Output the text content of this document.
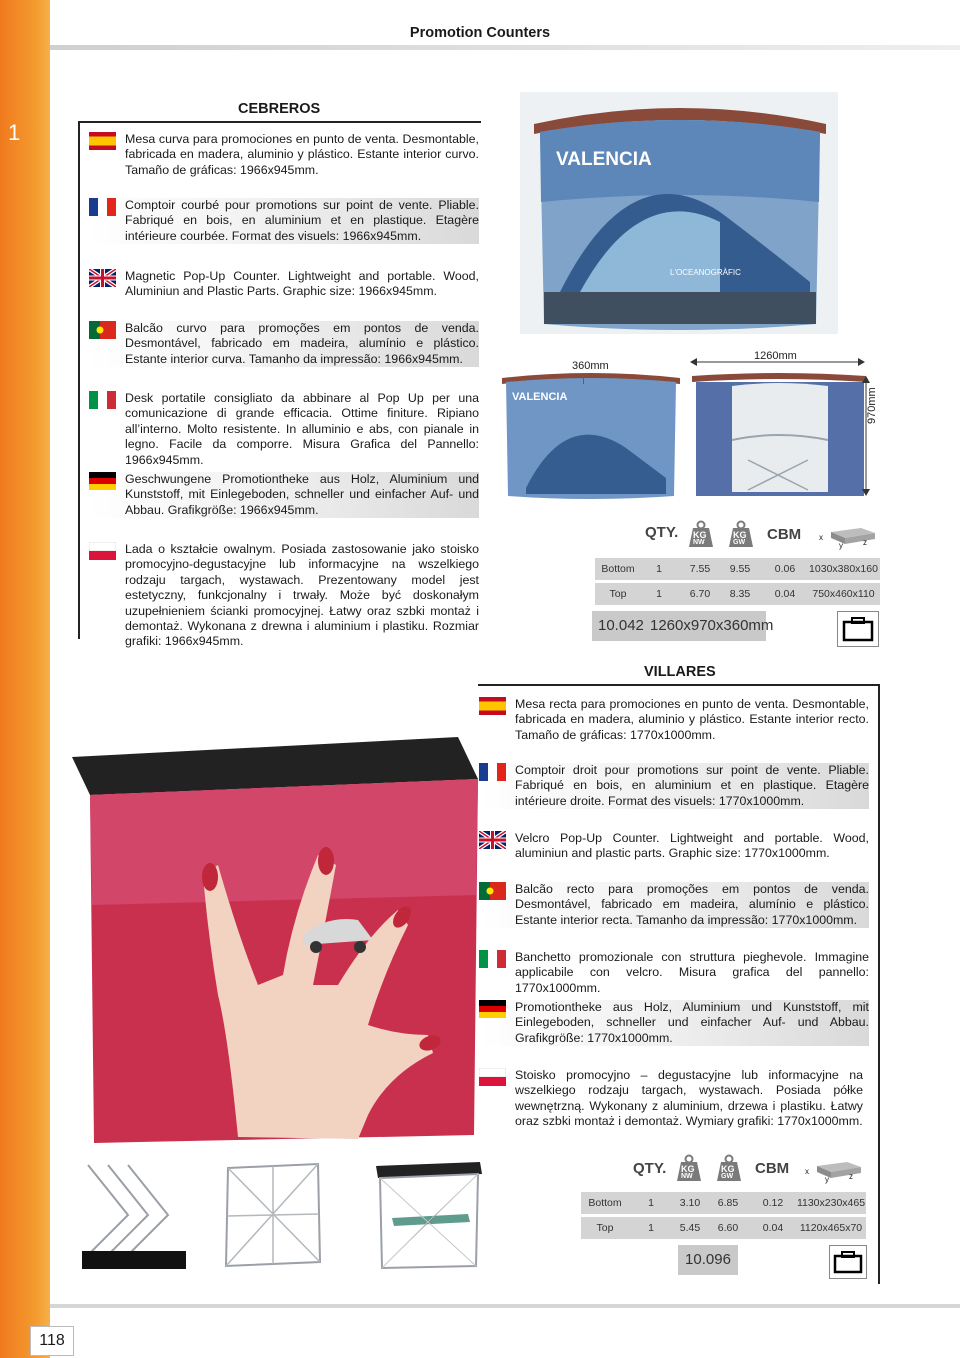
1
Promotion Counters
118
CEBREROS
Mesa curva para promociones en punto de venta. Desmontable, fabricada en madera, aluminio y plástico. Estante interior curvo. Tamaño de gráficas: 1966x945mm.
Comptoir courbé pour promotions sur point de vente. Pliable. Fabriqué en bois, en aluminium et en plastique. Etagère intérieure courbée. Format des visuels: 1966x945mm.
Magnetic Pop-Up Counter. Lightweight and portable. Wood, Aluminiun and Plastic Parts. Graphic size: 1966x945mm.
Balcão curvo para promoções em pontos de venda. Desmontável, fabricado em madeira, alumínio e plástico. Estante interior curva. Tamanho da impressão: 1966x945mm.
Desk portatile consigliato da abbinare al Pop Up per una comunicazione di grande efficacia. Ottime finiture. Ripiano all’interno. Molto resistente. In alluminio e abs, con pianale in legno. Facile da comporre. Misura Grafica del Pannello: 1966x945mm.
Geschwungene Promotiontheke aus Holz, Aluminium und Kunststoff, mit Einlegeboden, schneller und einfacher Auf- und Abbau. Grafikgröße: 1966x945mm.
Lada o kształcie owalnym. Posiada zastosowanie jako stoisko promocyjno-degustacyjne lub informacyjne na wszelkiego rodzaju targach, wystawach. Prezentowany model jest estetyczny, funkcjonalny i trwały. Może być doskonałym uzupełnieniem ścianki promocyjnej. Łatwy oraz szbki montaż i demontaż. Wykonana z drewna i aluminium i plastiku. Rozmiar grafiki: 1966x945mm.
VALENCIA
L'OCEANOGRÀFIC
VALENCIA
360mm
1260mm
970mm
QTY. KG
NW
KG
GW CBM x
y	z
Bottom	1	7.55	9.55	0.06	1030x380x160
Top	1	6.70	8.35	0.04	750x460x110
10.042 1260x970x360mm
VILLARES
Mesa recta para promociones en punto de venta. Desmontable, fabricada en madera, aluminio y plástico. Estante interior recto. Tamaño de gráficas: 1770x1000mm.
Comptoir droit pour promotions sur point de vente. Pliable. Fabriqué en bois, en aluminium et en plastique. Etagère intérieure droite. Format des visuels: 1770x1000mm.
Velcro Pop-Up Counter. Lightweight and portable. Wood, aluminiun and plastic parts. Graphic size: 1770x1000mm.
Balcão recto para promoções em pontos de venda. Desmontável, fabricado em madeira, alumínio e plástico. Estante interior recta. Tamanho da impressão: 1770x1000mm.
Banchetto promozionale con struttura pieghevole. Immagine applicabile con velcro. Misura grafica del pannello: 1770x1000mm.
Promotiontheke aus Holz, Aluminium und Kunststoff, mit Einlegeboden, schneller und einfacher Auf- und Abbau. Grafikgröße: 1770x1000mm.
Stoisko promocyjno – degustacyjne lub informacyjne na wszelkiego rodzaju targach, wystawach. Posiada półke wewnętrzną. Wykonany z aluminium, drzewa i plastiku. Łatwy oraz szbki montaż i demontaż. Wymiary grafiki: 1770x1000mm.
QTY. KG
NW
KG
GW CBM x
y	z
Bottom	1	3.10	6.85	0.12	1130x230x465
Top	1	5.45	6.60	0.04	1120x465x70
10.096
